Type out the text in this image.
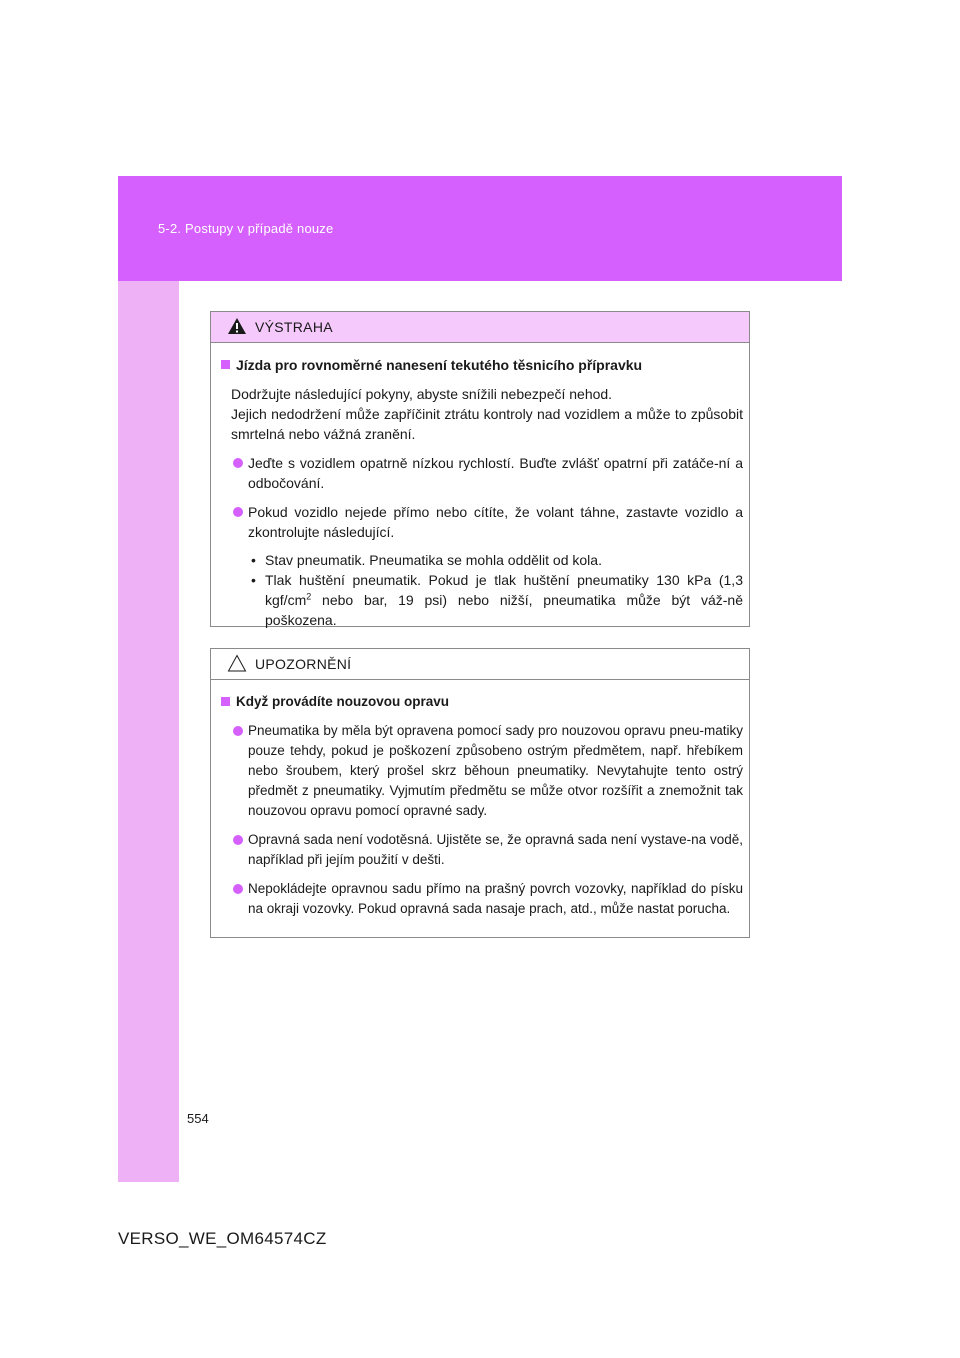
5-2. Postupy v případě nouze
VÝSTRAHA
Jízda pro rovnoměrné nanesení tekutého těsnicího přípravku
Dodržujte následující pokyny, abyste snížili nebezpečí nehod.
Jejich nedodržení může zapříčinit ztrátu kontroly nad vozidlem a může to způsobit smrtelná nebo vážná zranění.
Jeďte s vozidlem opatrně nízkou rychlostí. Buďte zvlášť opatrní při zatáče-ní a odbočování.
Pokud vozidlo nejede přímo nebo cítíte, že volant táhne, zastavte vozidlo a zkontrolujte následující.
• Stav pneumatik. Pneumatika se mohla oddělit od kola.
• Tlak huštění pneumatik. Pokud je tlak huštění pneumatiky 130 kPa (1,3 kgf/$cm^2$ nebo bar, 19 psi) nebo nižší, pneumatika může být váž-ně poškozena.
UPOZORNĚNÍ
Když provádíte nouzovou opravu
Pneumatika by měla být opravena pomocí sady pro nouzovou opravu pneu-matiky pouze tehdy, pokud je poškození způsobeno ostrým předmětem, např. hřebíkem nebo šroubem, který prošel skrz běhoun pneumatiky. Nevytahujte tento ostrý předmět z pneumatiky. Vyjmutím předmětu se může otvor rozšířit a znemožnit tak nouzovou opravu pomocí opravné sady.
Opravná sada není vodotěsná. Ujistěte se, že opravná sada není vystave-na vodě, například při jejím použití v dešti.
Nepokládejte opravnou sadu přímo na prašný povrch vozovky, například do písku na okraji vozovky. Pokud opravná sada nasaje prach, atd., může nastat porucha.
554
VERSO_WE_OM64574CZ
